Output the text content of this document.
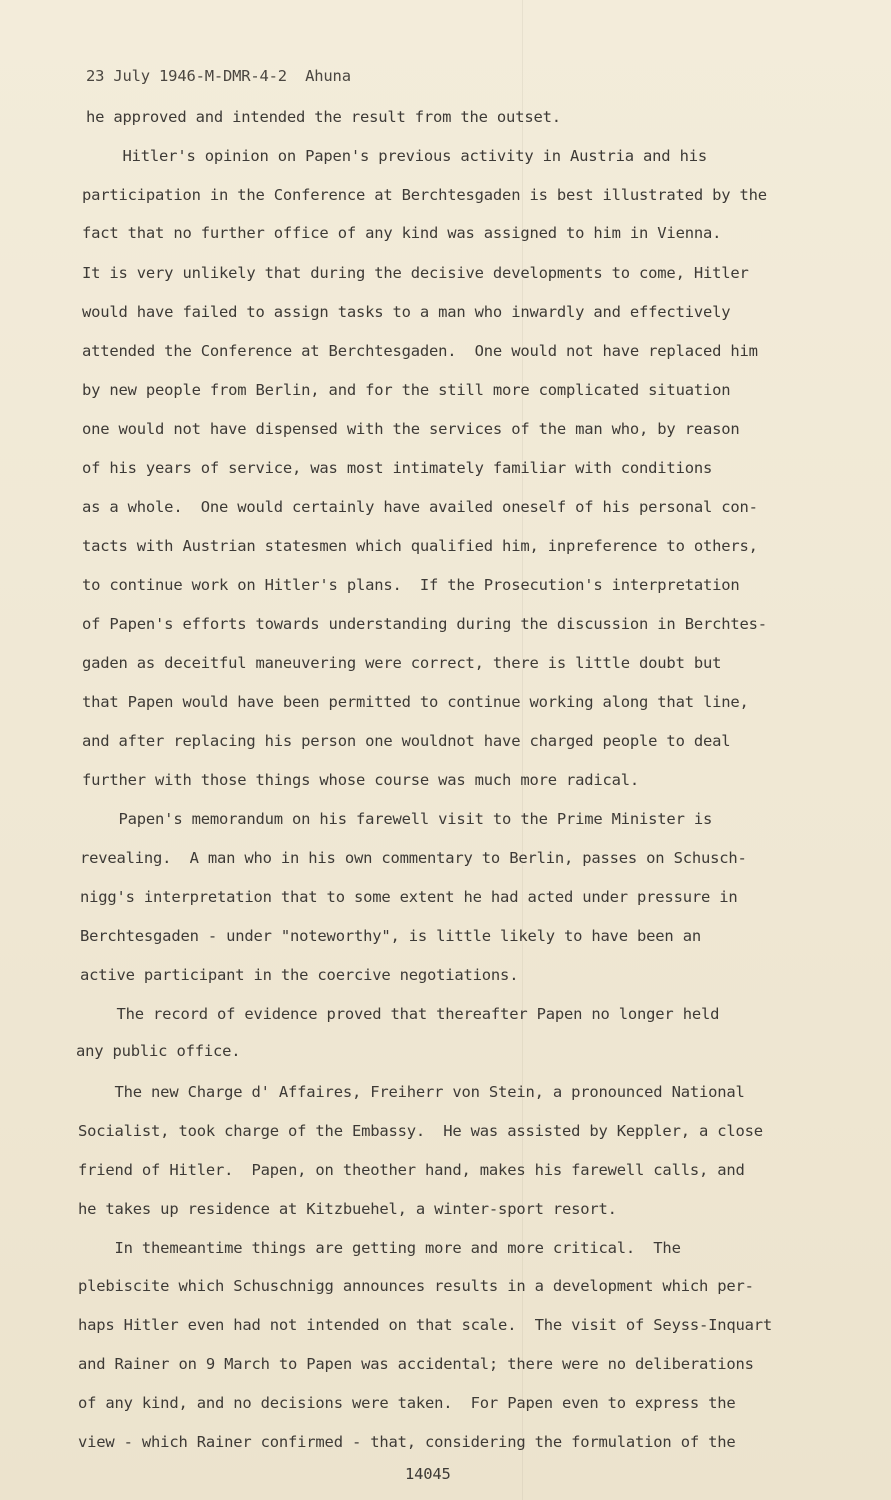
23 July 1946-M-DMR-4-2  Ahuna
he approved and intended the result from the outset.
Hitler's opinion on Papen's previous activity in Austria and his
participation in the Conference at Berchtesgaden is best illustrated by the
fact that no further office of any kind was assigned to him in Vienna.
It is very unlikely that during the decisive developments to come, Hitler
would have failed to assign tasks to a man who inwardly and effectively
attended the Conference at Berchtesgaden.  One would not have replaced him
by new people from Berlin, and for the still more complicated situation
one would not have dispensed with the services of the man who, by reason
of his years of service, was most intimately familiar with conditions
as a whole.  One would certainly have availed oneself of his personal con-
tacts with Austrian statesmen which qualified him, inpreference to others,
to continue work on Hitler's plans.  If the Prosecution's interpretation
of Papen's efforts towards understanding during the discussion in Berchtes-
gaden as deceitful maneuvering were correct, there is little doubt but
that Papen would have been permitted to continue working along that line,
and after replacing his person one wouldnot have charged people to deal
further with those things whose course was much more radical.
Papen's memorandum on his farewell visit to the Prime Minister is
revealing.  A man who in his own commentary to Berlin, passes on Schusch-
nigg's interpretation that to some extent he had acted under pressure in
Berchtesgaden - under "noteworthy", is little likely to have been an
active participant in the coercive negotiations.
The record of evidence proved that thereafter Papen no longer held
any public office.
The new Charge d' Affaires, Freiherr von Stein, a pronounced National
Socialist, took charge of the Embassy.  He was assisted by Keppler, a close
friend of Hitler.  Papen, on theother hand, makes his farewell calls, and
he takes up residence at Kitzbuehel, a winter-sport resort.
In themeantime things are getting more and more critical.  The
plebiscite which Schuschnigg announces results in a development which per-
haps Hitler even had not intended on that scale.  The visit of Seyss-Inquart
and Rainer on 9 March to Papen was accidental; there were no deliberations
of any kind, and no decisions were taken.  For Papen even to express the
view - which Rainer confirmed - that, considering the formulation of the
14045
